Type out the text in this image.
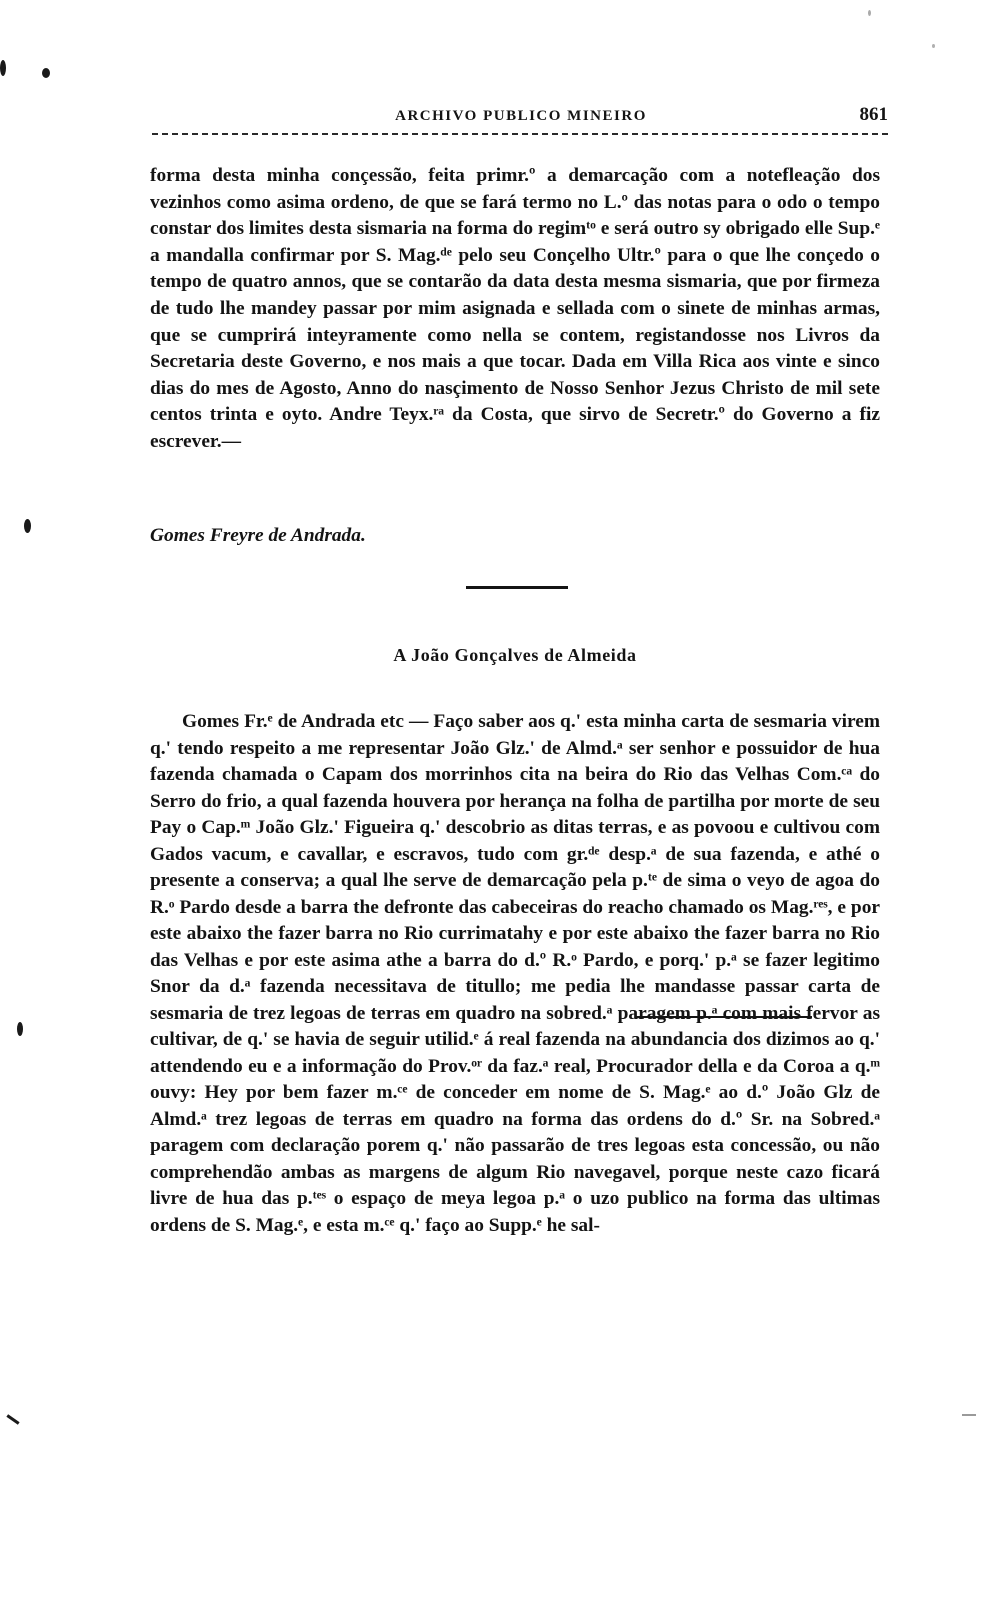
ARCHIVO PUBLICO MINEIRO	861

forma desta minha conçessão, feita primr.º a demarcação com a notefleação dos vezinhos como asima ordeno, de que se fará termo no L.º das notas para o odo o tempo constar dos limites desta sismaria na forma do regimᵗᵒ e será outro sy obrigado elle Sup.ᵉ a mandalla confirmar por S. Mag.ᵈᵉ pelo seu Conçelho Ultr.º para o que lhe conçedo o tempo de quatro annos, que se contarão da data desta mesma sismaria, que por firmeza de tudo lhe mandey passar por mim asignada e sellada com o sinete de minhas armas, que se cumprirá inteyramente como nella se contem, registandosse nos Livros da Secretaria deste Governo, e nos mais a que tocar. Dada em Villa Rica aos vinte e sinco dias do mes de Agosto, Anno do nasçimento de Nosso Senhor Jezus Christo de mil sete centos trinta e oyto. Andre Teyx.ʳᵃ da Costa, que sirvo de Secretr.º do Governo a fiz escrever.—

Gomes Freyre de Andrada.
A João Gonçalves de Almeida

Gomes Fr.ᵉ de Andrada etc — Faço saber aos q.' esta minha carta de sesmaria virem q.' tendo respeito a me representar João Glz.' de Almd.ᵃ ser senhor e possuidor de hua fazenda chamada o Capam dos morrinhos cita na beira do Rio das Velhas Com.ᶜᵃ do Serro do frio, a qual fazenda houvera por herança na folha de partilha por morte de seu Pay o Cap.ᵐ João Glz.' Figueira q.' descobrio as ditas terras, e as povoou e cultivou com Gados vacum, e cavallar, e escravos, tudo com gr.ᵈᵉ desp.ᵃ de sua fazenda, e athé o presente a conserva; a qual lhe serve de demarcação pela p.ᵗᵉ de sima o veyo de agoa do R.ᵒ Pardo desde a barra the defronte das cabeceiras do reacho chamado os Mag.ʳᵉˢ, e por este abaixo the fazer barra no Rio currimatahy e por este abaixo the fazer barra no Rio das Velhas e por este asima athe a barra do d.º R.ᵒ Pardo, e porq.' p.ᵃ se fazer legitimo Snor da d.ᵃ fazenda necessitava de titullo; me pedia lhe mandasse passar carta de sesmaria de trez legoas de terras em quadro na sobred.ᵃ paragem p.ᵃ com mais fervor as cultivar, de q.' se havia de seguir utilid.ᵉ á real fazenda na abundancia dos dizimos ao q.' attendendo eu e a informação do Prov.ᵒʳ da faz.ᵃ real, Procurador della e da Coroa a q.ᵐ ouvy: Hey por bem fazer m.ᶜᵉ de conceder em nome de S. Mag.ᵉ ao d.º João Glz de Almd.ᵃ trez legoas de terras em quadro na forma das ordens do d.º Sr. na Sobred.ᵃ paragem com declaração porem q.' não passarão de tres legoas esta concessão, ou não comprehendão ambas as margens de algum Rio navegavel, porque neste cazo ficará livre de hua das p.ᵗᵉˢ o espaço de meya legoa p.ᵃ o uzo publico na forma das ultimas ordens de S. Mag.ᵉ, e esta m.ᶜᵉ q.' faço ao Supp.ᵉ he sal-
